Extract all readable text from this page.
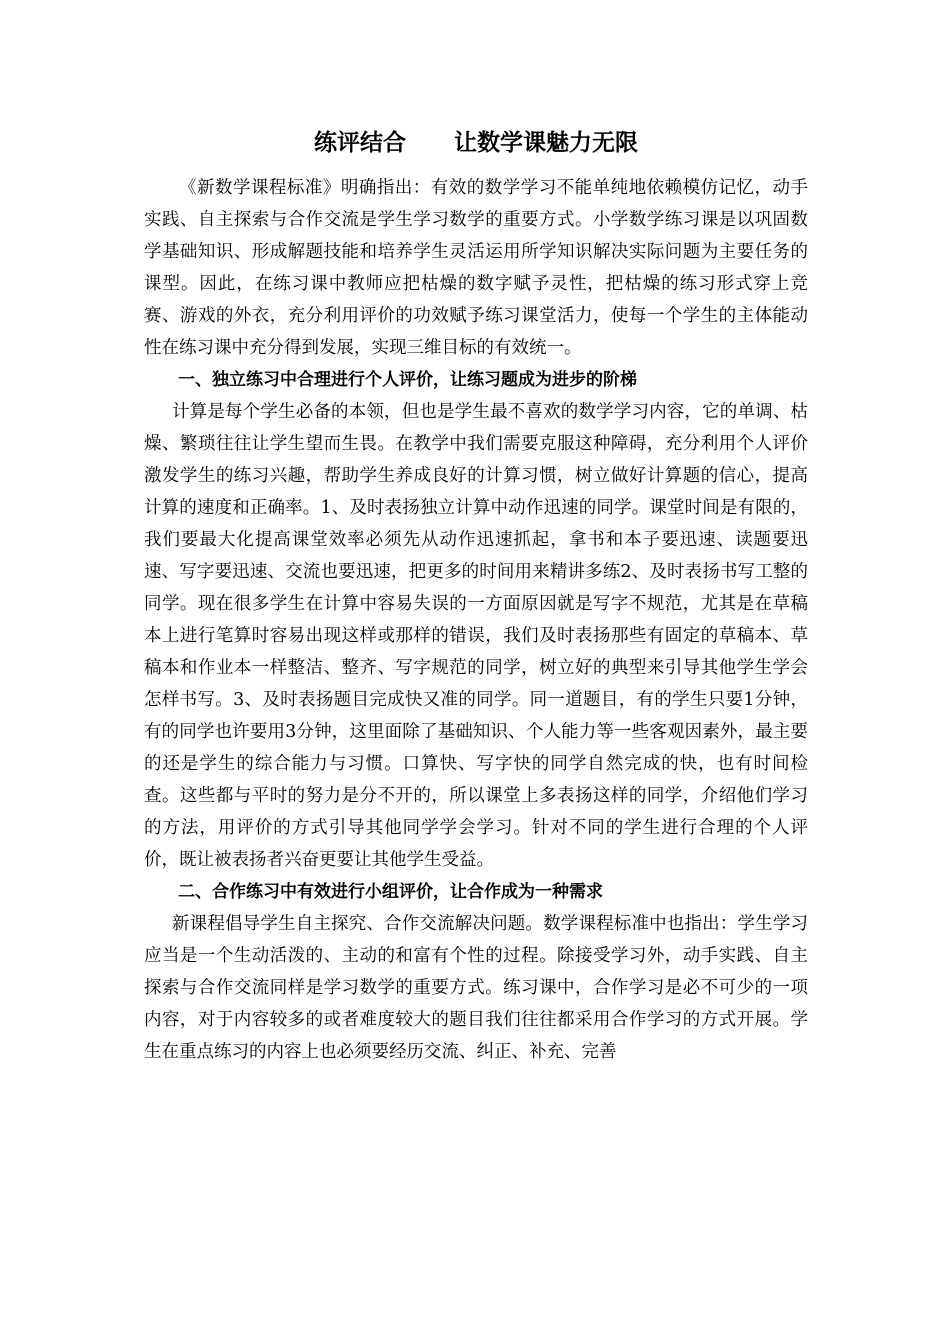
练评结合      让数学课魅力无限

《新数学课程标准》明确指出：有效的数学学习不能单纯地依赖模仿记忆，动手实践、自主探索与合作交流是学生学习数学的重要方式。小学数学练习课是以巩固数学基础知识、形成解题技能和培养学生灵活运用所学知识解决实际问题为主要任务的课型。因此，在练习课中教师应把枯燥的数字赋予灵性，把枯燥的练习形式穿上竞赛、游戏的外衣，充分利用评价的功效赋予练习课堂活力，使每一个学生的主体能动性在练习课中充分得到发展，实现三维目标的有效统一。

一、独立练习中合理进行个人评价，让练习题成为进步的阶梯

计算是每个学生必备的本领，但也是学生最不喜欢的数学学习内容，它的单调、枯燥、繁琐往往让学生望而生畏。在教学中我们需要克服这种障碍，充分利用个人评价激发学生的练习兴趣，帮助学生养成良好的计算习惯，树立做好计算题的信心，提高计算的速度和正确率。1、及时表扬独立计算中动作迅速的同学。课堂时间是有限的，我们要最大化提高课堂效率必须先从动作迅速抓起，拿书和本子要迅速、读题要迅速、写字要迅速、交流也要迅速，把更多的时间用来精讲多练2、及时表扬书写工整的同学。现在很多学生在计算中容易失误的一方面原因就是写字不规范，尤其是在草稿本上进行笔算时容易出现这样或那样的错误，我们及时表扬那些有固定的草稿本、草稿本和作业本一样整洁、整齐、写字规范的同学，树立好的典型来引导其他学生学会怎样书写。3、及时表扬题目完成快又准的同学。同一道题目，有的学生只要1分钟，有的同学也许要用3分钟，这里面除了基础知识、个人能力等一些客观因素外，最主要的还是学生的综合能力与习惯。口算快、写字快的同学自然完成的快，也有时间检查。这些都与平时的努力是分不开的，所以课堂上多表扬这样的同学，介绍他们学习的方法，用评价的方式引导其他同学学会学习。针对不同的学生进行合理的个人评价，既让被表扬者兴奋更要让其他学生受益。

二、合作练习中有效进行小组评价，让合作成为一种需求

新课程倡导学生自主探究、合作交流解决问题。数学课程标准中也指出：学生学习应当是一个生动活泼的、主动的和富有个性的过程。除接受学习外，动手实践、自主探索与合作交流同样是学习数学的重要方式。练习课中，合作学习是必不可少的一项内容，对于内容较多的或者难度较大的题目我们往往都采用合作学习的方式开展。学生在重点练习的内容上也必须要经历交流、纠正、补充、完善
